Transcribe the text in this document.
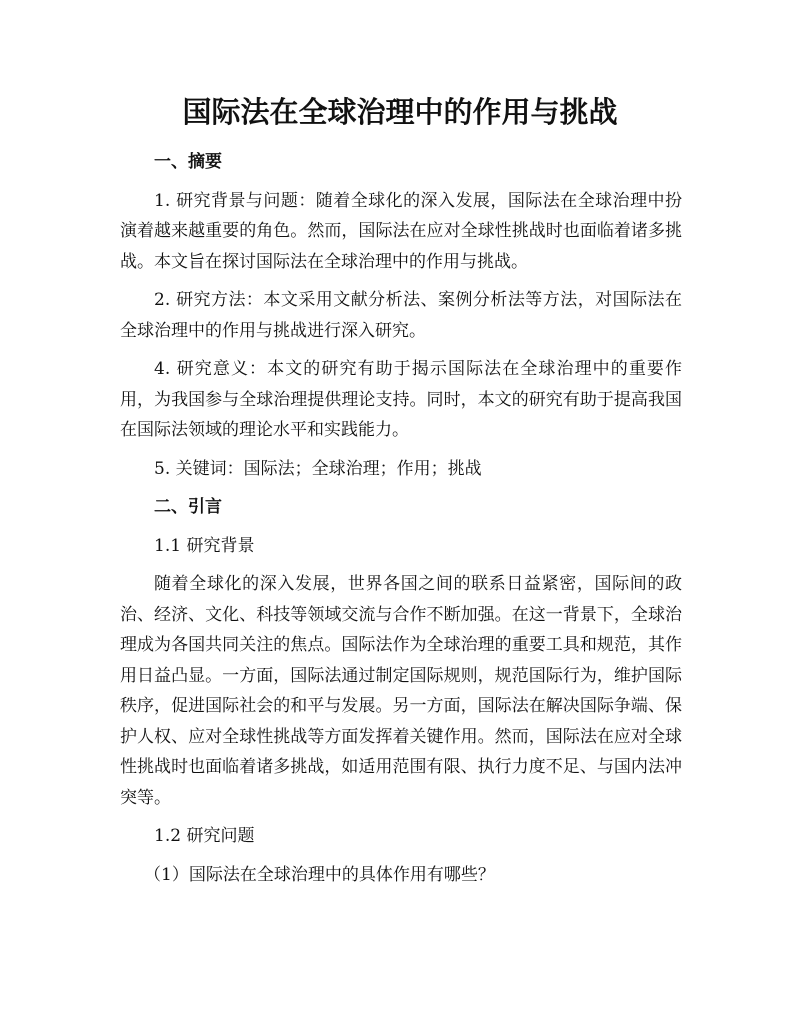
国际法在全球治理中的作用与挑战
一、摘要

1. 研究背景与问题：随着全球化的深入发展，国际法在全球治理中扮演着越来越重要的角色。然而，国际法在应对全球性挑战时也面临着诸多挑战。本文旨在探讨国际法在全球治理中的作用与挑战。

2. 研究方法：本文采用文献分析法、案例分析法等方法，对国际法在全球治理中的作用与挑战进行深入研究。

4. 研究意义：本文的研究有助于揭示国际法在全球治理中的重要作用，为我国参与全球治理提供理论支持。同时，本文的研究有助于提高我国在国际法领域的理论水平和实践能力。

5. 关键词：国际法；全球治理；作用；挑战

二、引言
1.1 研究背景

随着全球化的深入发展，世界各国之间的联系日益紧密，国际间的政治、经济、文化、科技等领域交流与合作不断加强。在这一背景下，全球治理成为各国共同关注的焦点。国际法作为全球治理的重要工具和规范，其作用日益凸显。一方面，国际法通过制定国际规则，规范国际行为，维护国际秩序，促进国际社会的和平与发展。另一方面，国际法在解决国际争端、保护人权、应对全球性挑战等方面发挥着关键作用。然而，国际法在应对全球性挑战时也面临着诸多挑战，如适用范围有限、执行力度不足、与国内法冲突等。

1.2 研究问题
（1）国际法在全球治理中的具体作用有哪些？
